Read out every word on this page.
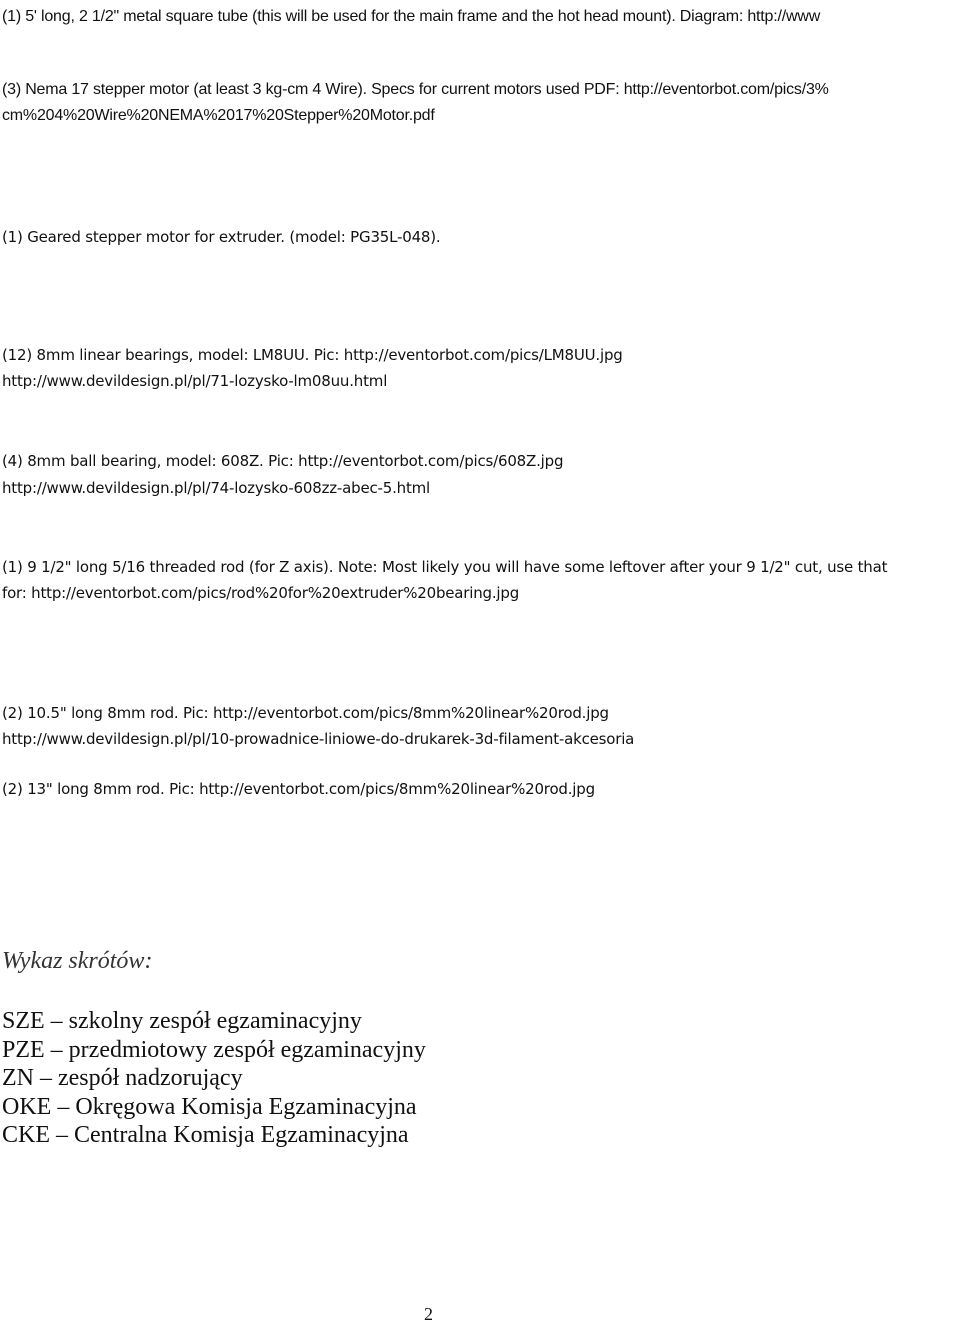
(1) 5' long, 2 1/2" metal square tube (this will be used for the main frame and the hot head mount). Diagram: http://www

(3) Nema 17 stepper motor (at least 3 kg-cm 4 Wire). Specs for current motors used PDF: http://eventorbot.com/pics/3%

cm%204%20Wire%20NEMA%2017%20Stepper%20Motor.pdf

(1) Geared stepper motor for extruder. (model: PG35L-048).

(12) 8mm linear bearings, model: LM8UU. Pic: http://eventorbot.com/pics/LM8UU.jpg

http://www.devildesign.pl/pl/71-lozysko-lm08uu.html

(4) 8mm ball bearing, model: 608Z. Pic: http://eventorbot.com/pics/608Z.jpg

http://www.devildesign.pl/pl/74-lozysko-608zz-abec-5.html

(1) 9 1/2" long 5/16 threaded rod (for Z axis). Note: Most likely you will have some leftover after your 9 1/2" cut, use that

for: http://eventorbot.com/pics/rod%20for%20extruder%20bearing.jpg

(2) 10.5" long 8mm rod. Pic: http://eventorbot.com/pics/8mm%20linear%20rod.jpg

http://www.devildesign.pl/pl/10-prowadnice-liniowe-do-drukarek-3d-filament-akcesoria

(2) 13" long 8mm rod. Pic: http://eventorbot.com/pics/8mm%20linear%20rod.jpg

Wykaz skrótów:
SZE – szkolny zespół egzaminacyjny
PZE – przedmiotowy zespół egzaminacyjny
ZN – zespół nadzorujący
OKE – Okręgowa Komisja Egzaminacyjna
CKE – Centralna Komisja Egzaminacyjna
2
